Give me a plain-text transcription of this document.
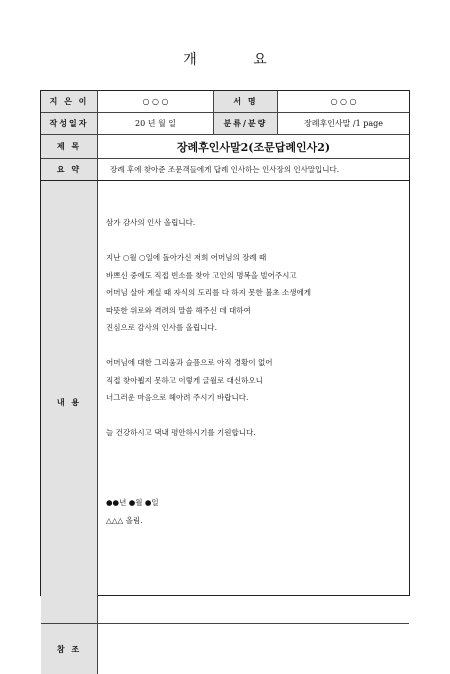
개 요
지 은 이	○ ○ ○	서 명	○ ○ ○
작성일자	20 년 월 일	분류/분량	장례후인사말 /1 page
제 목	장례후인사말2(조문답례인사2)
요 약	장례 후에 찾아준 조문객들에게 답례 인사하는 인사장의 인사말입니다.
내 용
삼가 감사의 인사 올립니다.
지난 ○월 ○일에 돌아가신 저희 어머님의 장례 때
바쁘신 중에도 직접 빈소를 찾아 고인의 명복을 빌어주시고
어머님 살아 계실 때 자식의 도리를 다 하지 못한 불초 소생에게
따뜻한 위로와 격려의 말씀 해주신 데 대하여
진심으로 감사의 인사를 올립니다.
어머님에 대한 그리움과 슬픔으로 아직 경황이 없어
직접 찾아뵙지 못하고 이렇게 글월로 대신하오니
너그러운 마음으로 헤아려 주시기 바랍니다.
늘 건강하시고 댁내 평안하시기를 기원합니다.
●●년 ●월 ●일
△△△ 올림.
참 조
